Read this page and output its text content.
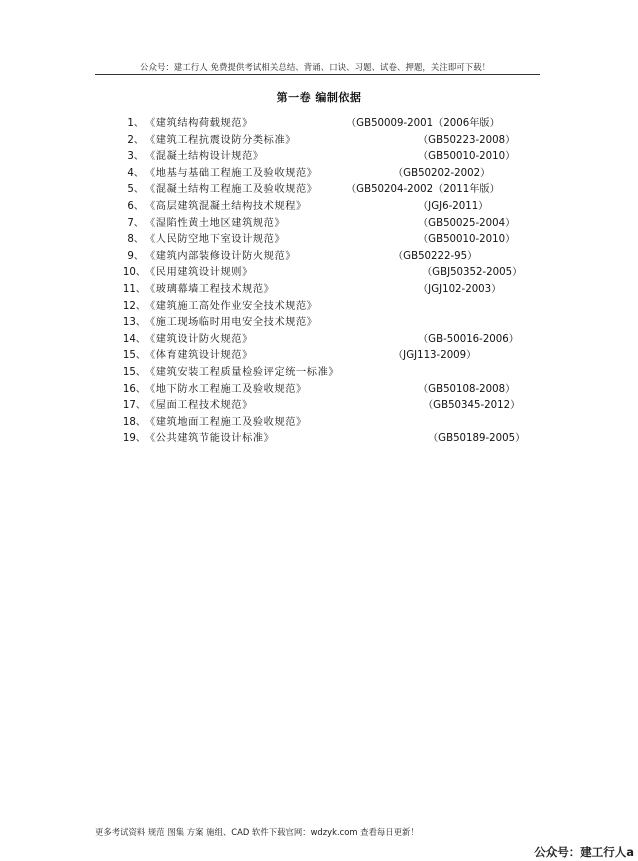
公众号：建工行人 免费提供考试相关总结、背诵、口诀、习题、试卷、押题，关注即可下载！
第一卷 编制依据
1、 《建筑结构荷载规范》	（GB50009-2001（2006年版）
2、 《建筑工程抗震设防分类标准》	（GB50223-2008）
3、 《混凝土结构设计规范》	（GB50010-2010）
4、 《地基与基础工程施工及验收规范》	（GB50202-2002）
5、 《混凝土结构工程施工及验收规范》	（GB50204-2002（2011年版）
6、 《高层建筑混凝土结构技术规程》	（JGJ6-2011）
7、 《湿陷性黄土地区建筑规范》	（GB50025-2004）
8、 《人民防空地下室设计规范》	（GB50010-2010）
9、 《建筑内部装修设计防火规范》	（GB50222-95）
10、 《民用建筑设计规则》	（GBJ50352-2005）
11、 《玻璃幕墙工程技术规范》	（JGJ102-2003）
12、 《建筑施工高处作业安全技术规范》
13、 《施工现场临时用电安全技术规范》
14、 《建筑设计防火规范》	（GB-50016-2006）
15、 《体育建筑设计规范》	（JGJ113-2009）
15、 《建筑安装工程质量检验评定统一标准》
16、 《地下防水工程施工及验收规范》	（GB50108-2008）
17、 《屋面工程技术规范》	（GB50345-2012）
18、 《建筑地面工程施工及验收规范》
19、 《公共建筑节能设计标准》	（GB50189-2005）
更多考试资料 规范 图集 方案 施组、CAD 软件下载官网：wdzyk.com 查看每日更新！
公众号：建工行人a
